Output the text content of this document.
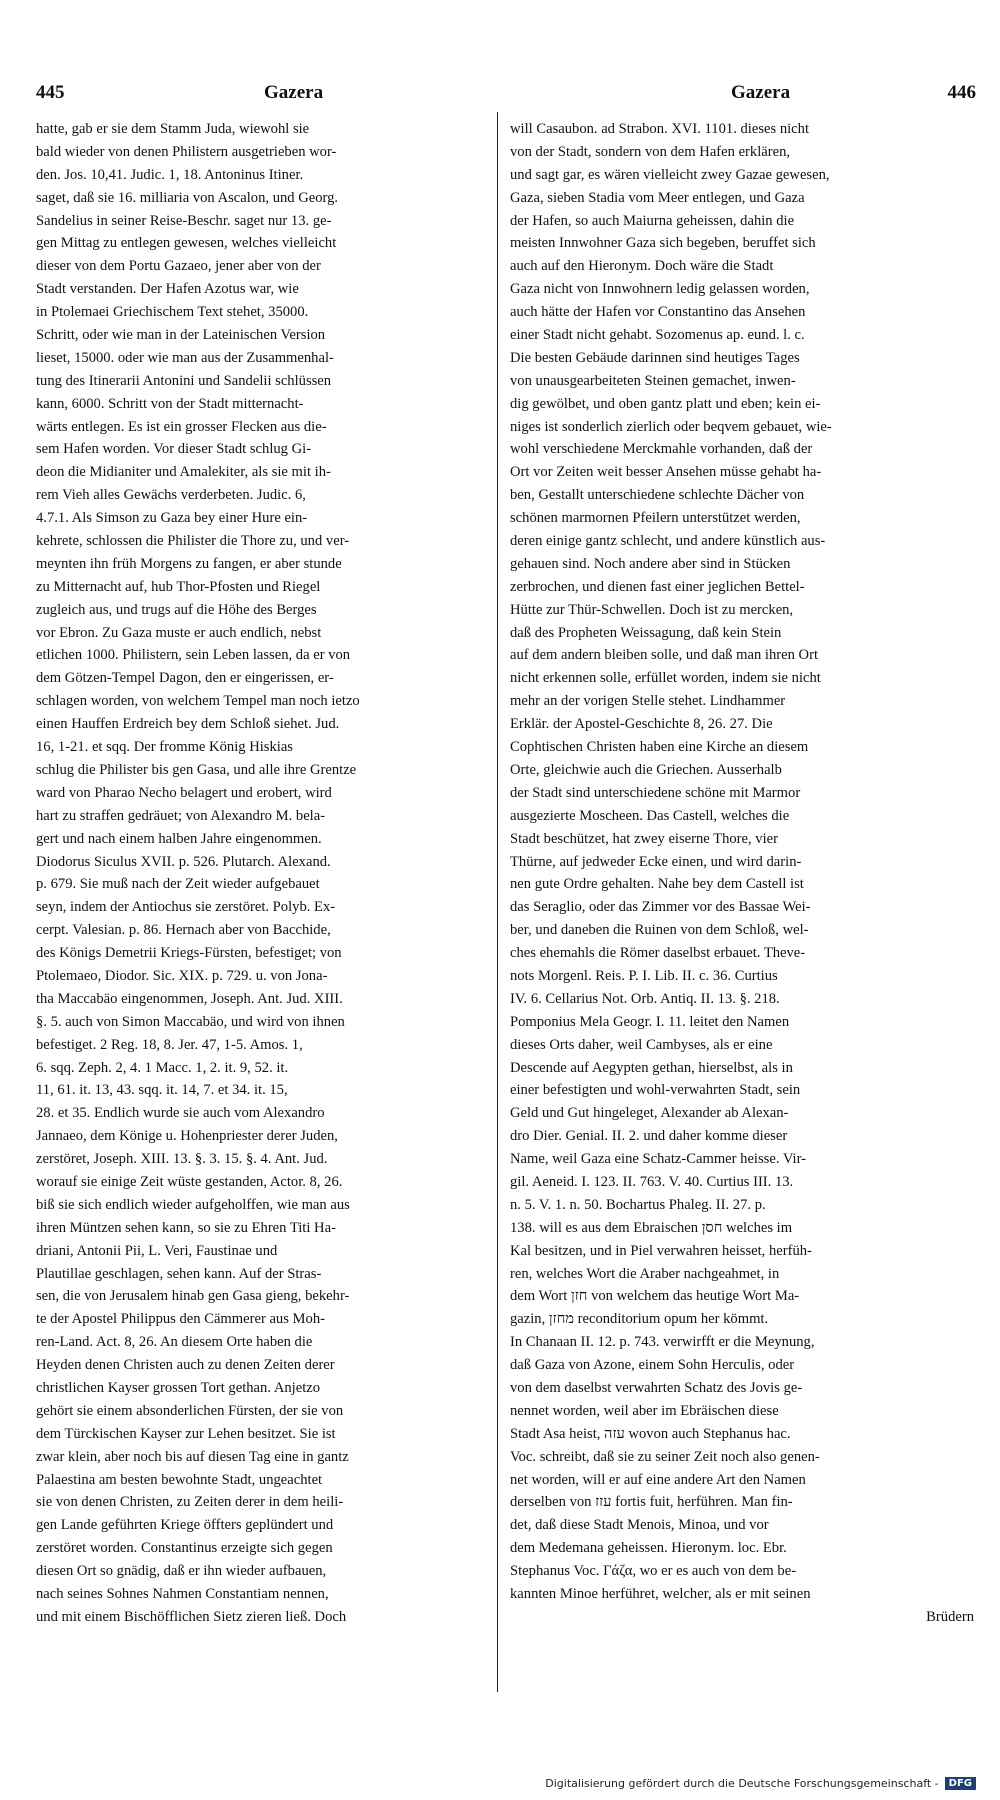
445	Gazera	Gazera	446
hatte, gab er sie dem Stamm Juda, wiewohl sie
bald wieder von denen Philistern ausgetrieben wor-
den. Jos. 10,41. Judic. 1, 18. Antoninus Itiner.
saget, daß sie 16. milliaria von Ascalon, und Georg.
Sandelius in seiner Reise-Beschr. saget nur 13. ge-
gen Mittag zu entlegen gewesen, welches vielleicht
dieser von dem Portu Gazaeo, jener aber von der
Stadt verstanden. Der Hafen Azotus war, wie
in Ptolemaei Griechischem Text stehet, 35000.
Schritt, oder wie man in der Lateinischen Version
lieset, 15000. oder wie man aus der Zusammenhal-
tung des Itinerarii Antonini und Sandelii schlüssen
kann, 6000. Schritt von der Stadt mitternacht-
wärts entlegen. Es ist ein grosser Flecken aus die-
sem Hafen worden. Vor dieser Stadt schlug Gi-
deon die Midianiter und Amalekiter, als sie mit ih-
rem Vieh alles Gewächs verderbeten. Judic. 6,
4.7.1. Als Simson zu Gaza bey einer Hure ein-
kehrete, schlossen die Philister die Thore zu, und ver-
meynten ihn früh Morgens zu fangen, er aber stunde
zu Mitternacht auf, hub Thor-Pfosten und Riegel
zugleich aus, und trugs auf die Höhe des Berges
vor Ebron. Zu Gaza muste er auch endlich, nebst
etlichen 1000. Philistern, sein Leben lassen, da er von
dem Götzen-Tempel Dagon, den er eingerissen, er-
schlagen worden, von welchem Tempel man noch ietzo
einen Hauffen Erdreich bey dem Schloß siehet. Jud.
16, 1-21. et sqq. Der fromme König Hiskias
schlug die Philister bis gen Gasa, und alle ihre Grentze
ward von Pharao Necho belagert und erobert, wird
hart zu straffen gedräuet; von Alexandro M. bela-
gert und nach einem halben Jahre eingenommen.
Diodorus Siculus XVII. p. 526. Plutarch. Alexand.
p. 679. Sie muß nach der Zeit wieder aufgebauet
seyn, indem der Antiochus sie zerstöret. Polyb. Ex-
cerpt. Valesian. p. 86. Hernach aber von Bacchide,
des Königs Demetrii Kriegs-Fürsten, befestiget; von
Ptolemaeo, Diodor. Sic. XIX. p. 729. u. von Jona-
tha Maccabäo eingenommen, Joseph. Ant. Jud. XIII.
§. 5. auch von Simon Maccabäo, und wird von ihnen
befestiget. 2 Reg. 18, 8. Jer. 47, 1-5. Amos. 1,
6. sqq. Zeph. 2, 4. 1 Macc. 1, 2. it. 9, 52. it.
11, 61. it. 13, 43. sqq. it. 14, 7. et 34. it. 15,
28. et 35. Endlich wurde sie auch vom Alexandro
Jannaeo, dem Könige u. Hohenpriester derer Juden,
zerstöret, Joseph. XIII. 13. §. 3. 15. §. 4. Ant. Jud.
worauf sie einige Zeit wüste gestanden, Actor. 8, 26.
biß sie sich endlich wieder aufgeholffen, wie man aus
ihren Müntzen sehen kann, so sie zu Ehren Titi Ha-
driani, Antonii Pii, L. Veri, Faustinae und
Plautillae geschlagen, sehen kann. Auf der Stras-
sen, die von Jerusalem hinab gen Gasa gieng, bekehr-
te der Apostel Philippus den Cämmerer aus Moh-
ren-Land. Act. 8, 26. An diesem Orte haben die
Heyden denen Christen auch zu denen Zeiten derer
christlichen Kayser grossen Tort gethan. Anjetzo
gehört sie einem absonderlichen Fürsten, der sie von
dem Türckischen Kayser zur Lehen besitzet. Sie ist
zwar klein, aber noch bis auf diesen Tag eine in gantz
Palaestina am besten bewohnte Stadt, ungeachtet
sie von denen Christen, zu Zeiten derer in dem heili-
gen Lande geführten Kriege öffters geplündert und
zerstöret worden. Constantinus erzeigte sich gegen
diesen Ort so gnädig, daß er ihn wieder aufbauen,
nach seines Sohnes Nahmen Constantiam nennen,
und mit einem Bischöfflichen Sietz zieren ließ. Doch
will Casaubon. ad Strabon. XVI. 1101. dieses nicht
von der Stadt, sondern von dem Hafen erklären,
und sagt gar, es wären vielleicht zwey Gazae gewesen,
Gaza, sieben Stadia vom Meer entlegen, und Gaza
der Hafen, so auch Maiurna geheissen, dahin die
meisten Innwohner Gaza sich begeben, beruffet sich
auch auf den Hieronym. Doch wäre die Stadt
Gaza nicht von Innwohnern ledig gelassen worden,
auch hätte der Hafen vor Constantino das Ansehen
einer Stadt nicht gehabt. Sozomenus ap. eund. l. c.
Die besten Gebäude darinnen sind heutiges Tages
von unausgearbeiteten Steinen gemachet, inwen-
dig gewölbet, und oben gantz platt und eben; kein ei-
niges ist sonderlich zierlich oder beqvem gebauet, wie-
wohl verschiedene Merckmahle vorhanden, daß der
Ort vor Zeiten weit besser Ansehen müsse gehabt ha-
ben, Gestallt unterschiedene schlechte Dächer von
schönen marmornen Pfeilern unterstützet werden,
deren einige gantz schlecht, und andere künstlich aus-
gehauen sind. Noch andere aber sind in Stücken
zerbrochen, und dienen fast einer jeglichen Bettel-
Hütte zur Thür-Schwellen. Doch ist zu mercken,
daß des Propheten Weissagung, daß kein Stein
auf dem andern bleiben solle, und daß man ihren Ort
nicht erkennen solle, erfüllet worden, indem sie nicht
mehr an der vorigen Stelle stehet. Lindhammer
Erklär. der Apostel-Geschichte 8, 26. 27. Die
Cophtischen Christen haben eine Kirche an diesem
Orte, gleichwie auch die Griechen. Ausserhalb
der Stadt sind unterschiedene schöne mit Marmor
ausgezierte Moscheen. Das Castell, welches die
Stadt beschützet, hat zwey eiserne Thore, vier
Thürne, auf jedweder Ecke einen, und wird darin-
nen gute Ordre gehalten. Nahe bey dem Castell ist
das Seraglio, oder das Zimmer vor des Bassae Wei-
ber, und daneben die Ruinen von dem Schloß, wel-
ches ehemahls die Römer daselbst erbauet. Theve-
nots Morgenl. Reis. P. I. Lib. II. c. 36. Curtius
IV. 6. Cellarius Not. Orb. Antiq. II. 13. §. 218.
Pomponius Mela Geogr. I. 11. leitet den Namen
dieses Orts daher, weil Cambyses, als er eine
Descende auf Aegypten gethan, hierselbst, als in
einer befestigten und wohl-verwahrten Stadt, sein
Geld und Gut hingeleget, Alexander ab Alexan-
dro Dier. Genial. II. 2. und daher komme dieser
Name, weil Gaza eine Schatz-Cammer heisse. Vir-
gil. Aeneid. I. 123. II. 763. V. 40. Curtius III. 13.
n. 5. V. 1. n. 50. Bochartus Phaleg. II. 27. p.
138. will es aus dem Ebraischen חסן welches im
Kal besitzen, und in Piel verwahren heisset, herfüh-
ren, welches Wort die Araber nachgeahmet, in
dem Wort חזן von welchem das heutige Wort Ma-
gazin, מחזן reconditorium opum her kömmt.
In Chanaan II. 12. p. 743. verwirfft er die Meynung,
daß Gaza von Azone, einem Sohn Herculis, oder
von dem daselbst verwahrten Schatz des Jovis ge-
nennet worden, weil aber im Ebräischen diese
Stadt Asa heist, עזה wovon auch Stephanus hac.
Voc. schreibt, daß sie zu seiner Zeit noch also genen-
net worden, will er auf eine andere Art den Namen
derselben von עזז fortis fuit, herführen. Man fin-
det, daß diese Stadt Menois, Minoa, und vor
dem Medemana geheissen. Hieronym. loc. Ebr.
Stephanus Voc. Γάζα, wo er es auch von dem be-
kannten Minoe herführet, welcher, als er mit seinen
Brüdern
Digitalisierung gefördert durch die Deutsche Forschungsgemeinschaft -	DFG
